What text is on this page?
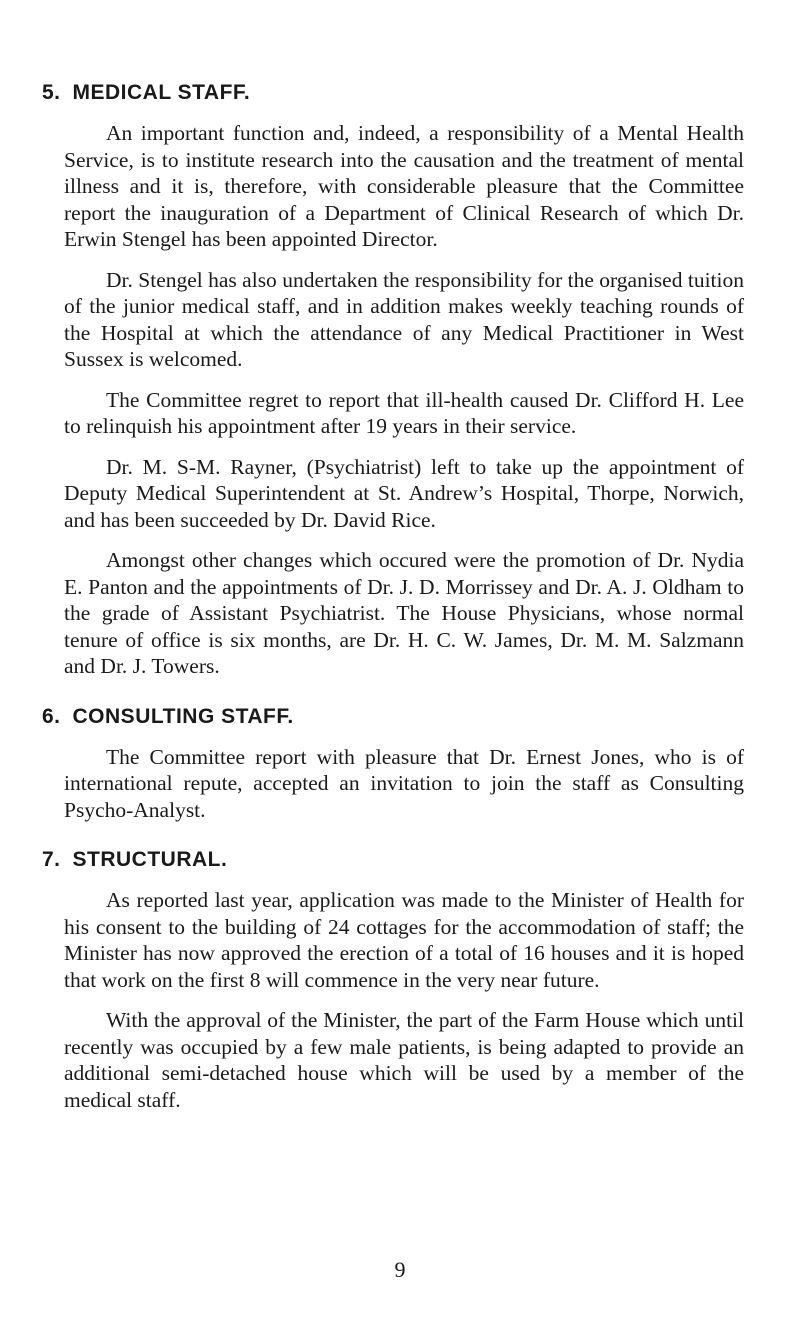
5. MEDICAL STAFF.

An important function and, indeed, a responsibility of a Mental Health Service, is to institute research into the causation and the treatment of mental illness and it is, therefore, with considerable pleasure that the Committee report the inauguration of a Department of Clinical Research of which Dr. Erwin Stengel has been appointed Director.

Dr. Stengel has also undertaken the responsibility for the organised tuition of the junior medical staff, and in addition makes weekly teaching rounds of the Hospital at which the attendance of any Medical Practitioner in West Sussex is welcomed.

The Committee regret to report that ill-health caused Dr. Clifford H. Lee to relinquish his appointment after 19 years in their service.

Dr. M. S-M. Rayner, (Psychiatrist) left to take up the appointment of Deputy Medical Superintendent at St. Andrew’s Hospital, Thorpe, Norwich, and has been succeeded by Dr. David Rice.

Amongst other changes which occured were the promotion of Dr. Nydia E. Panton and the appointments of Dr. J. D. Morrissey and Dr. A. J. Oldham to the grade of Assistant Psychiatrist. The House Physicians, whose normal tenure of office is six months, are Dr. H. C. W. James, Dr. M. M. Salzmann and Dr. J. Towers.

6. CONSULTING STAFF.

The Committee report with pleasure that Dr. Ernest Jones, who is of international repute, accepted an invitation to join the staff as Consulting Psycho-Analyst.

7. STRUCTURAL.

As reported last year, application was made to the Minister of Health for his consent to the building of 24 cottages for the accommodation of staff; the Minister has now approved the erection of a total of 16 houses and it is hoped that work on the first 8 will commence in the very near future.

With the approval of the Minister, the part of the Farm House which until recently was occupied by a few male patients, is being adapted to provide an additional semi-detached house which will be used by a member of the medical staff.

9
